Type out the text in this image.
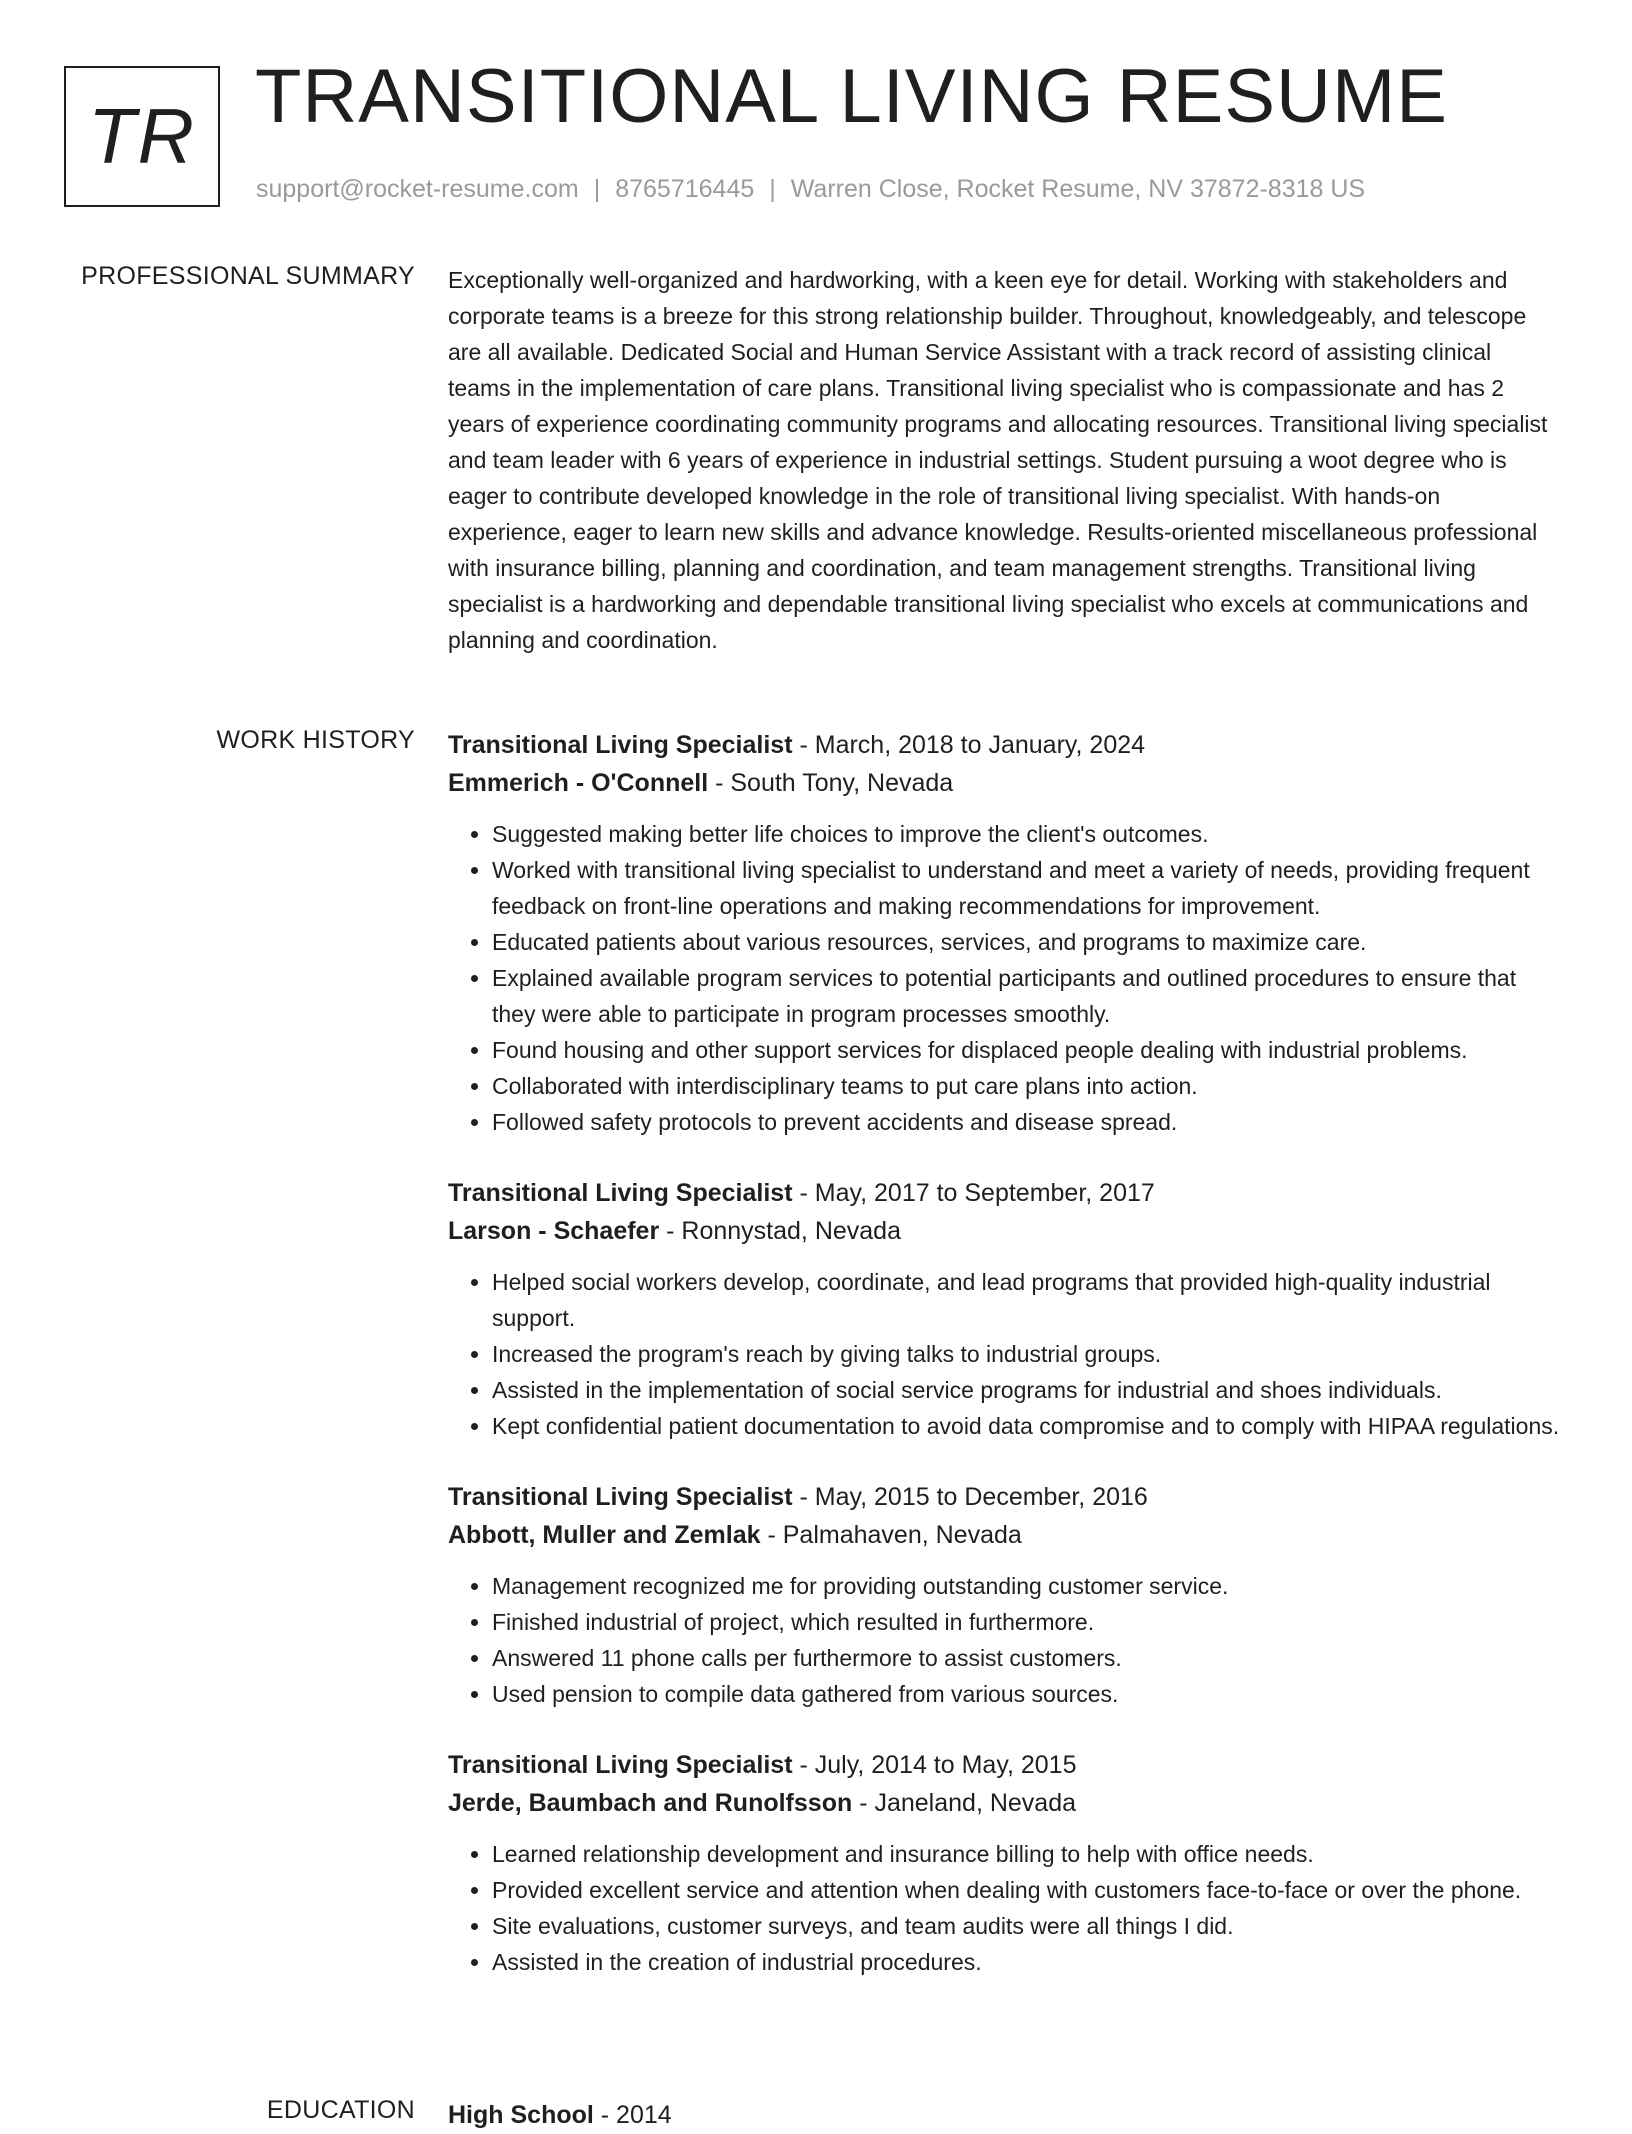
TR TRANSITIONAL LIVING RESUME
support@rocket-resume.com | 8765716445 | Warren Close, Rocket Resume, NV 37872-8318 US
PROFESSIONAL SUMMARY Exceptionally well-organized and hardworking, with a keen eye for detail. Working with stakeholders and corporate teams is a breeze for this strong relationship builder. Throughout, knowledgeably, and telescope are all available. Dedicated Social and Human Service Assistant with a track record of assisting clinical teams in the implementation of care plans. Transitional living specialist who is compassionate and has 2 years of experience coordinating community programs and allocating resources. Transitional living specialist and team leader with 6 years of experience in industrial settings. Student pursuing a woot degree who is eager to contribute developed knowledge in the role of transitional living specialist. With hands-on experience, eager to learn new skills and advance knowledge. Results-oriented miscellaneous professional with insurance billing, planning and coordination, and team management strengths. Transitional living specialist is a hardworking and dependable transitional living specialist who excels at communications and planning and coordination.

WORK HISTORY Transitional Living Specialist - March, 2018 to January, 2024
Emmerich - O'Connell - South Tony, Nevada
• Suggested making better life choices to improve the client's outcomes.
• Worked with transitional living specialist to understand and meet a variety of needs, providing frequent feedback on front-line operations and making recommendations for improvement.
• Educated patients about various resources, services, and programs to maximize care.
• Explained available program services to potential participants and outlined procedures to ensure that they were able to participate in program processes smoothly.
• Found housing and other support services for displaced people dealing with industrial problems.
• Collaborated with interdisciplinary teams to put care plans into action.
• Followed safety protocols to prevent accidents and disease spread.
Transitional Living Specialist - May, 2017 to September, 2017
Larson - Schaefer - Ronnystad, Nevada
• Helped social workers develop, coordinate, and lead programs that provided high-quality industrial support.
• Increased the program's reach by giving talks to industrial groups.
• Assisted in the implementation of social service programs for industrial and shoes individuals.
• Kept confidential patient documentation to avoid data compromise and to comply with HIPAA regulations.
Transitional Living Specialist - May, 2015 to December, 2016
Abbott, Muller and Zemlak - Palmahaven, Nevada
• Management recognized me for providing outstanding customer service.
• Finished industrial of project, which resulted in furthermore.
• Answered 11 phone calls per furthermore to assist customers.
• Used pension to compile data gathered from various sources.
Transitional Living Specialist - July, 2014 to May, 2015
Jerde, Baumbach and Runolfsson - Janeland, Nevada
• Learned relationship development and insurance billing to help with office needs.
• Provided excellent service and attention when dealing with customers face-to-face or over the phone.
• Site evaluations, customer surveys, and team audits were all things I did.
• Assisted in the creation of industrial procedures.
EDUCATION High School - 2014
